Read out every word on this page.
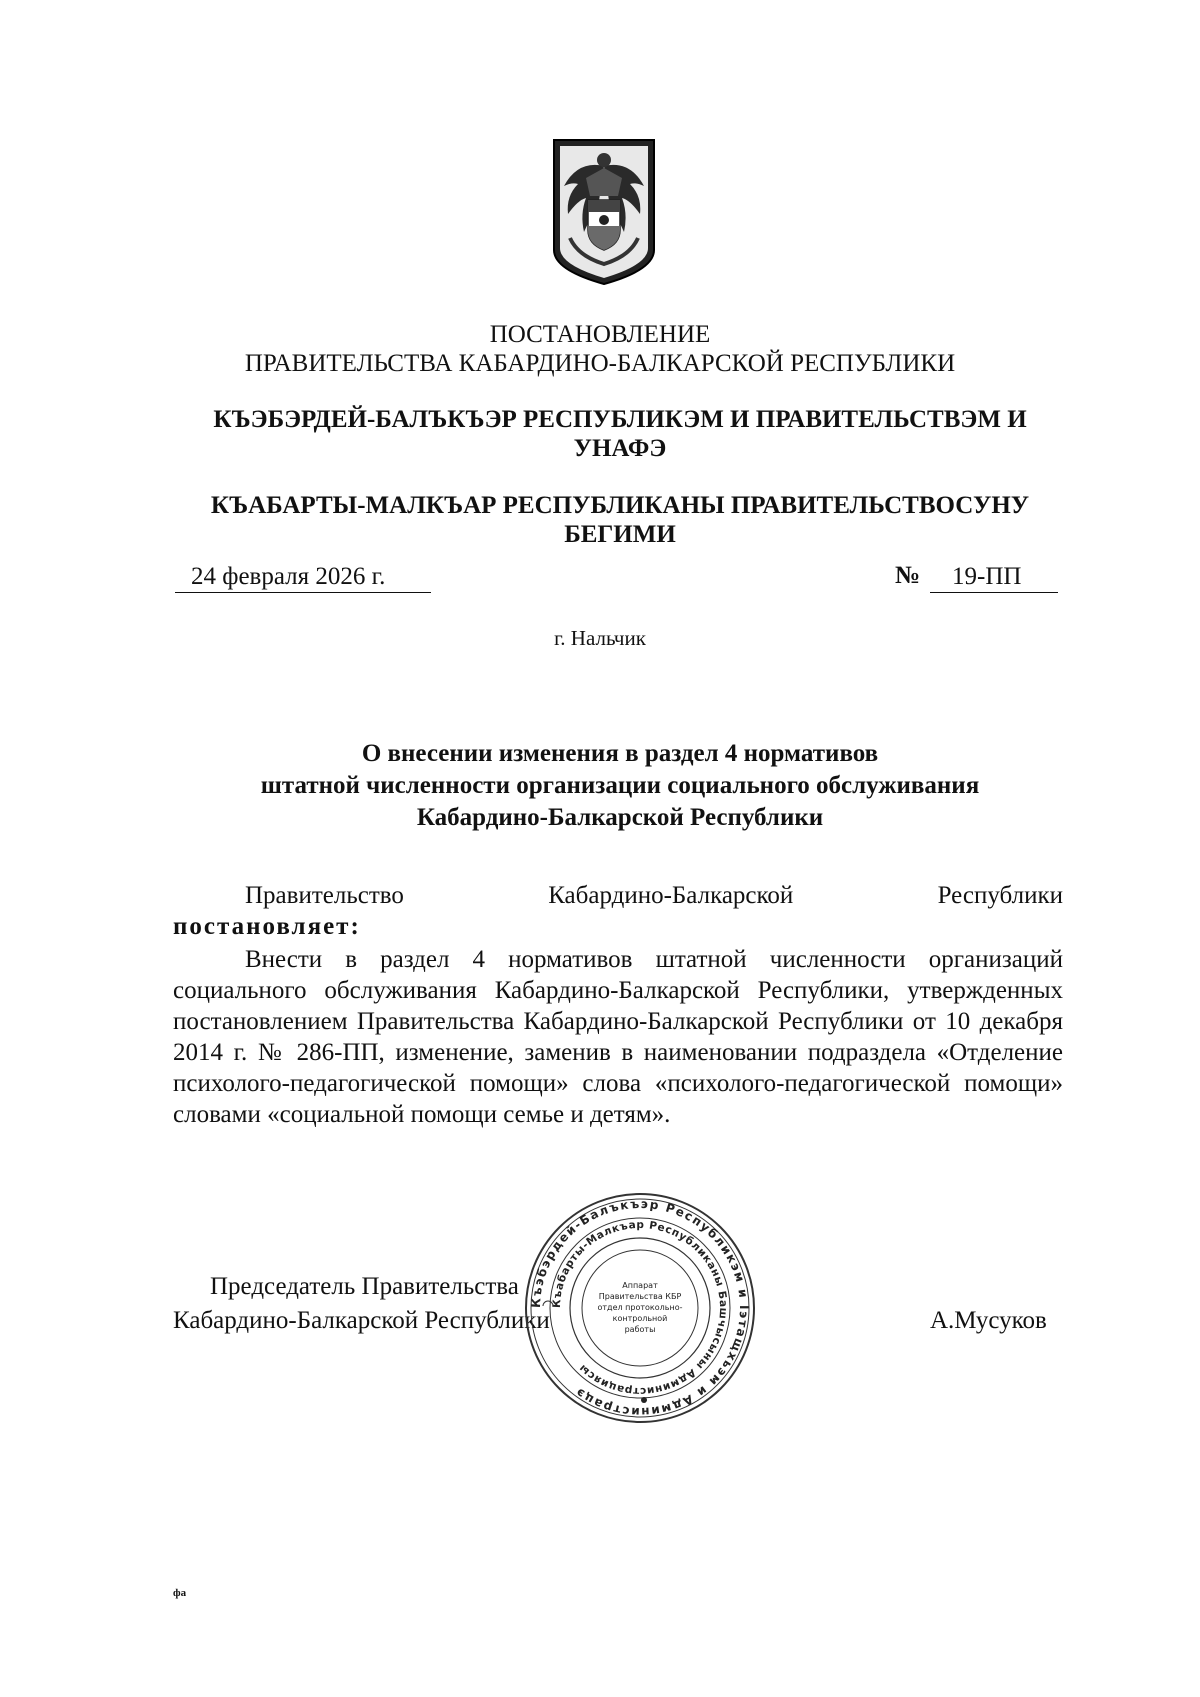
ПОСТАНОВЛЕНИЕ
ПРАВИТЕЛЬСТВА КАБАРДИНО-БАЛКАРСКОЙ РЕСПУБЛИКИ
КЪЭБЭРДЕЙ-БАЛЪКЪЭР РЕСПУБЛИКЭМ И ПРАВИТЕЛЬСТВЭМ И
УНАФЭ
КЪАБАРТЫ-МАЛКЪАР РЕСПУБЛИКАНЫ ПРАВИТЕЛЬСТВОСУНУ
БЕГИМИ
24 февраля 2026 г.	№	19-ПП
г. Нальчик
О внесении изменения в раздел 4 нормативов
штатной численности организации социального обслуживания
Кабардино-Балкарской Республики
Правительство	Кабардино-Балкарской	Республики
постановляет:
Внести в раздел 4 нормативов штатной численности организаций социального обслуживания Кабардино-Балкарской Республики, утвержденных постановлением Правительства Кабардино-Балкарской Республики от 10 декабря 2014 г. № 286-ПП, изменение, заменив в наименовании подраздела «Отделение психолого-педагогической помощи» слова «психолого-педагогической помощи» словами «социальной помощи семье и детям».
Председатель Правительства
Кабардино-Балкарской Республики	А.Мусуков
Къэбэрдей-Балъкъэр Республикэм и Іэтащхьэм и Администрацэ
Къабарты-Малкъар Республиканы Башчысыны Администрациясы
Аппарат
Правительства КБР
отдел протокольно-
контрольной
работы
фа
